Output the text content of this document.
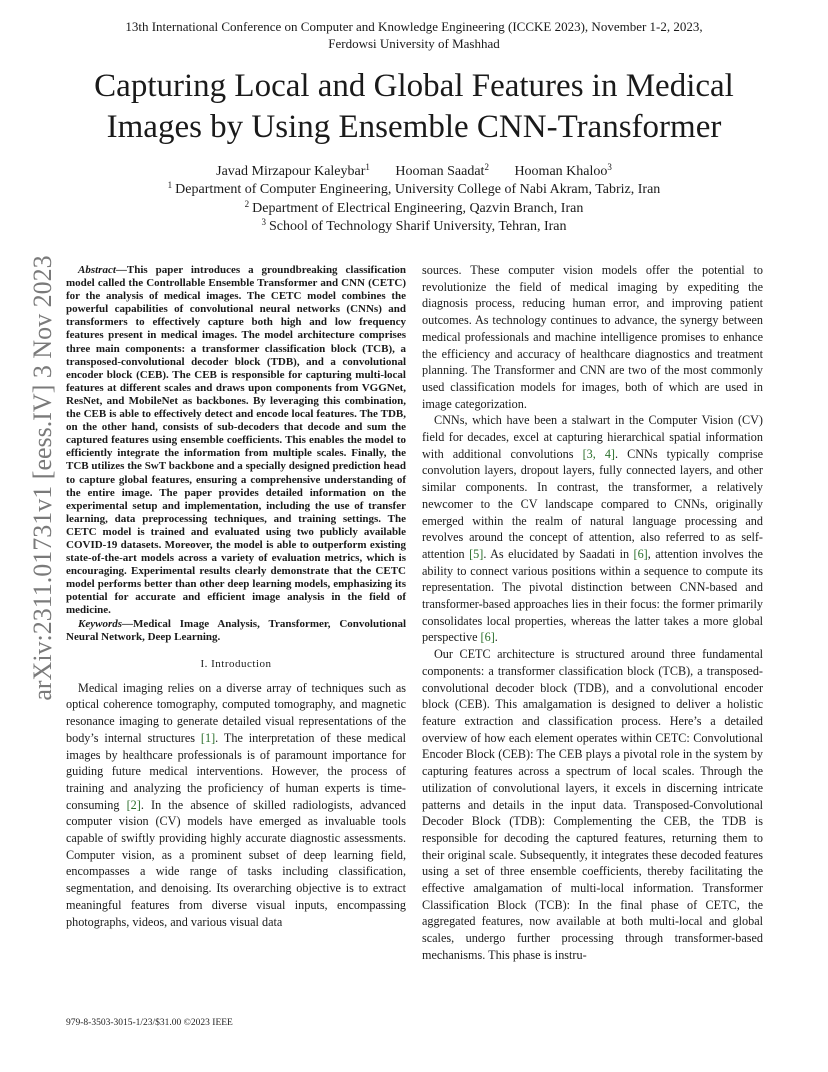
13th International Conference on Computer and Knowledge Engineering (ICCKE 2023), November 1-2, 2023,
Ferdowsi University of Mashhad
Capturing Local and Global Features in Medical
Images by Using Ensemble CNN-Transformer
Javad Mirzapour Kaleybar$^1$ Hooman Saadat$^2$ Hooman Khaloo$^3$
$^1$ Department of Computer Engineering, University College of Nabi Akram, Tabriz, Iran
$^2$ Department of Electrical Engineering, Qazvin Branch, Iran
$^3$ School of Technology Sharif University, Tehran, Iran
arXiv:2311.01731v1 [eess.IV] 3 Nov 2023	Abstract—This paper introduces a groundbreaking classification model called the Controllable Ensemble Transformer and CNN (CETC) for the analysis of medical images. The CETC model combines the powerful capabilities of convolutional neural networks (CNNs) and transformers to effectively capture both high and low frequency features present in medical images. The model architecture comprises three main components: a transformer classification block (TCB), a transposed-convolutional decoder block (TDB), and a convolutional encoder block (CEB). The CEB is responsible for capturing multi-local features at different scales and draws upon components from VGGNet, ResNet, and MobileNet as backbones. By leveraging this combination, the CEB is able to effectively detect and encode local features. The TDB, on the other hand, consists of sub-decoders that decode and sum the captured features using ensemble coefficients. This enables the model to efficiently integrate the information from multiple scales. Finally, the TCB utilizes the SwT backbone and a specially designed prediction head to capture global features, ensuring a comprehensive understanding of the entire image. The paper provides detailed information on the experimental setup and implementation, including the use of transfer learning, data preprocessing techniques, and training settings. The CETC model is trained and evaluated using two publicly available COVID-19 datasets. Moreover, the model is able to outperform existing state-of-the-art models across a variety of evaluation metrics, which is encouraging. Experimental results clearly demonstrate that the CETC model performs better than other deep learning models, emphasizing its potential for accurate and efficient image analysis in the field of medicine.

Keywords—Medical Image Analysis, Transformer, Convolutional Neural Network, Deep Learning.

I. Introduction

Medical imaging relies on a diverse array of techniques such as optical coherence tomography, computed tomography, and magnetic resonance imaging to generate detailed visual representations of the body’s internal structures [1]. The interpretation of these medical images by healthcare professionals is of paramount importance for guiding future medical interventions. However, the process of training and analyzing the proficiency of human experts is time-consuming [2]. In the absence of skilled radiologists, advanced computer vision (CV) models have emerged as invaluable tools capable of swiftly providing highly accurate diagnostic assessments. Computer vision, as a prominent subset of deep learning field, encompasses a wide range of tasks including classification, segmentation, and denoising. Its overarching objective is to extract meaningful features from diverse visual inputs, encompassing photographs, videos, and various visual data

sources. These computer vision models offer the potential to revolutionize the field of medical imaging by expediting the diagnosis process, reducing human error, and improving patient outcomes. As technology continues to advance, the synergy between medical professionals and machine intelligence promises to enhance the efficiency and accuracy of healthcare diagnostics and treatment planning. The Transformer and CNN are two of the most commonly used classification models for images, both of which are used in image categorization.

CNNs, which have been a stalwart in the Computer Vision (CV) field for decades, excel at capturing hierarchical spatial information with additional convolutions [3, 4]. CNNs typically comprise convolution layers, dropout layers, fully connected layers, and other similar components. In contrast, the transformer, a relatively newcomer to the CV landscape compared to CNNs, originally emerged within the realm of natural language processing and revolves around the concept of attention, also referred to as self-attention [5]. As elucidated by Saadati in [6], attention involves the ability to connect various positions within a sequence to compute its representation. The pivotal distinction between CNN-based and transformer-based approaches lies in their focus: the former primarily consolidates local properties, whereas the latter takes a more global perspective [6].

Our CETC architecture is structured around three fundamental components: a transformer classification block (TCB), a transposed-convolutional decoder block (TDB), and a convolutional encoder block (CEB). This amalgamation is designed to deliver a holistic feature extraction and classification process. Here’s a detailed overview of how each element operates within CETC: Convolutional Encoder Block (CEB): The CEB plays a pivotal role in the system by capturing features across a spectrum of local scales. Through the utilization of convolutional layers, it excels in discerning intricate patterns and details in the input data. Transposed-Convolutional Decoder Block (TDB): Complementing the CEB, the TDB is responsible for decoding the captured features, returning them to their original scale. Subsequently, it integrates these decoded features using a set of three ensemble coefficients, thereby facilitating the effective amalgamation of multi-local information. Transformer Classification Block (TCB): In the final phase of CETC, the aggregated features, now available at both multi-local and global scales, undergo further processing through transformer-based mechanisms. This phase is instru-

979-8-3503-3015-1/23/$31.00 ©2023 IEEE
